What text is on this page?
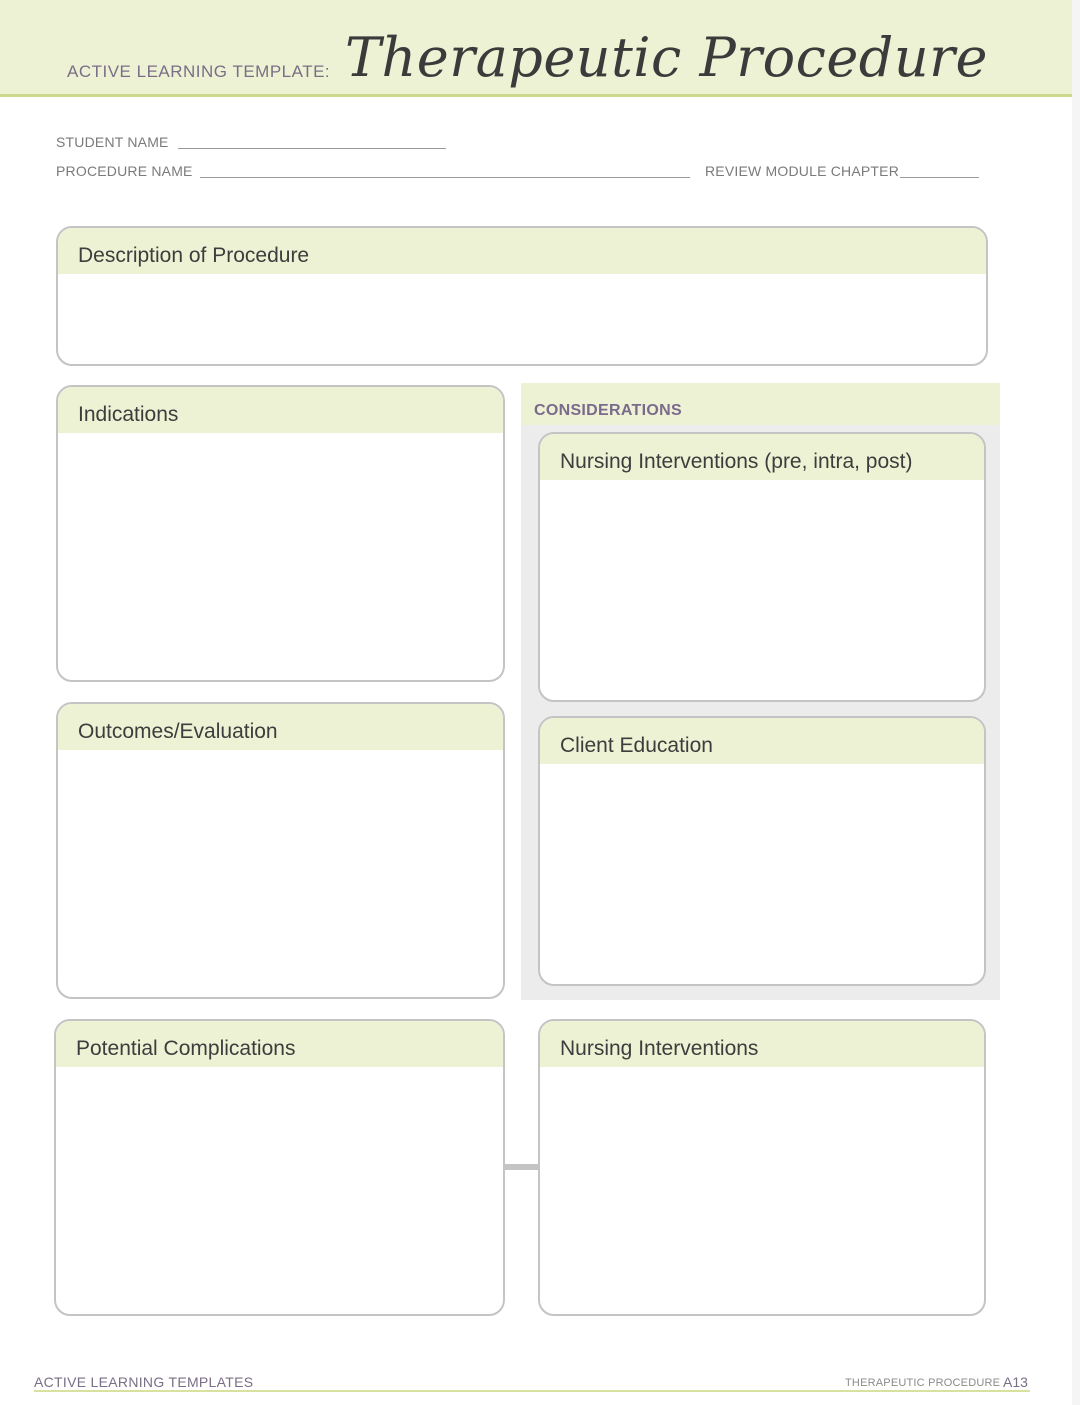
ACTIVE LEARNING TEMPLATE: Therapeutic Procedure
STUDENT NAME
PROCEDURE NAME	REVIEW MODULE CHAPTER
Description of Procedure
Indications
Outcomes/Evaluation
CONSIDERATIONS
Nursing Interventions (pre, intra, post)
Client Education
Potential Complications	Nursing Interventions
ACTIVE LEARNING TEMPLATES	THERAPEUTIC PROCEDURE A13
